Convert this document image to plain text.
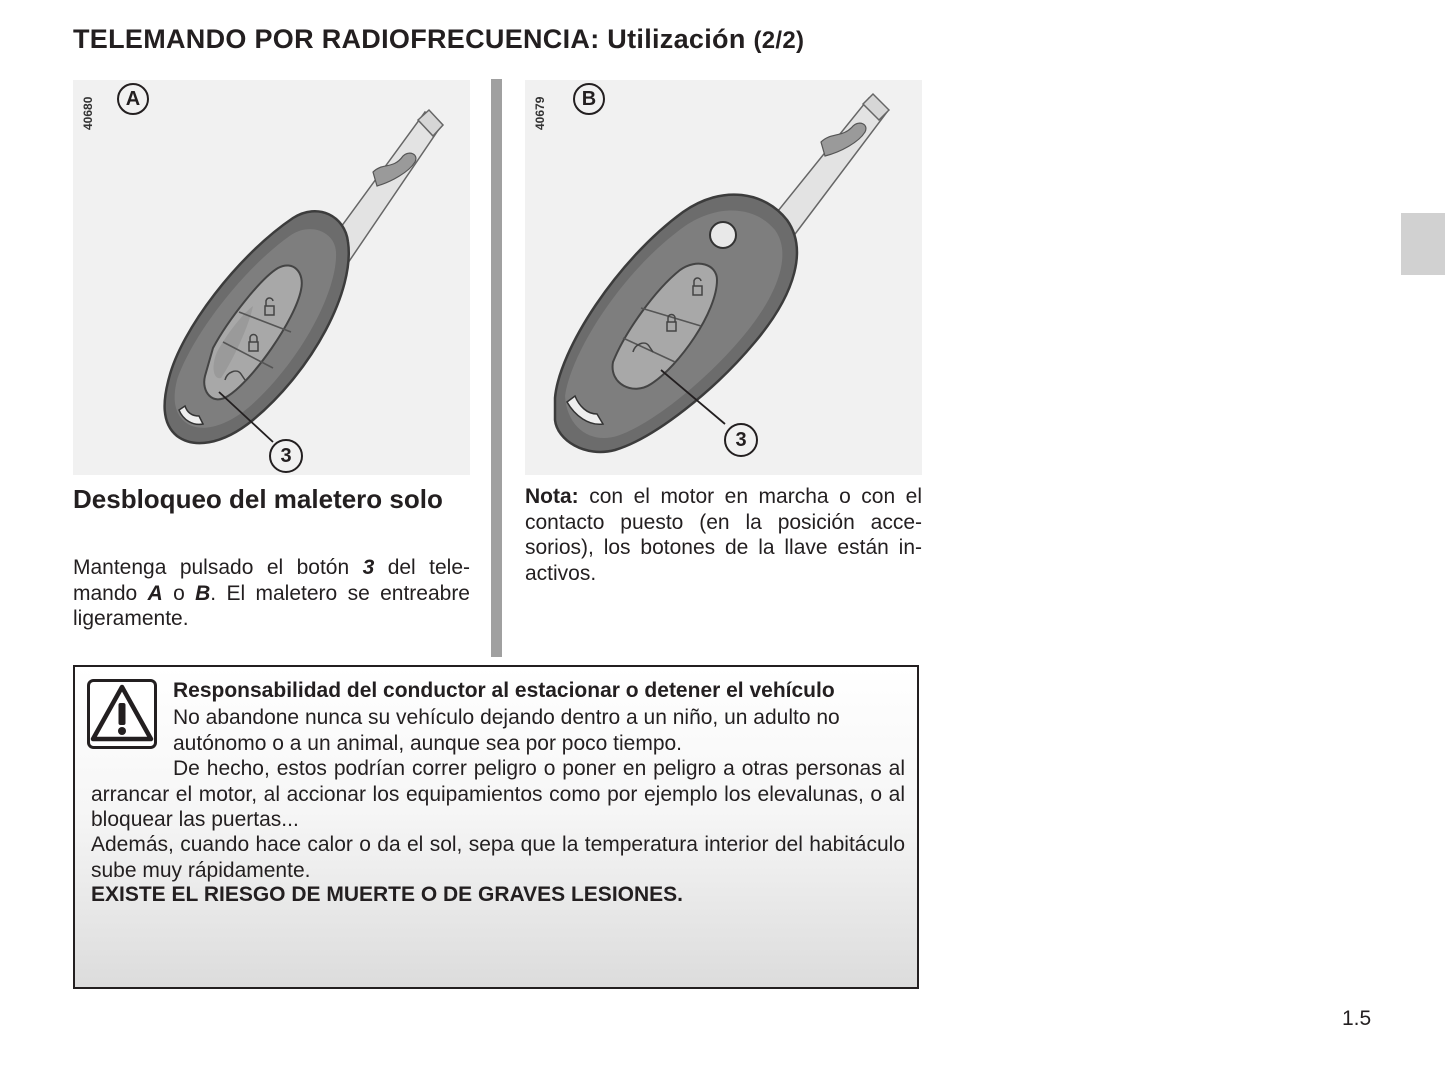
TELEMANDO POR RADIOFRECUENCIA: Utilización (2/2)
40680	A
3
40679	B
3
Desbloqueo del maletero solo

Mantenga pulsado el botón 3 del telemando A o B. El maletero se entreabre ligeramente.

Nota: con el motor en marcha o con el contacto puesto (en la posición accesorios), los botones de la llave están inactivos.

Responsabilidad del conductor al estacionar o detener el vehículo

No abandone nunca su vehículo dejando dentro a un niño, un adulto no autónomo o a un animal, aunque sea por poco tiempo.

De hecho, estos podrían correr peligro o poner en peligro a otras personas al arrancar el motor, al accionar los equipamientos como por ejemplo los elevalunas, o al bloquear las puertas...

Además, cuando hace calor o da el sol, sepa que la temperatura interior del habitáculo sube muy rápidamente.

EXISTE EL RIESGO DE MUERTE O DE GRAVES LESIONES.
1.5
